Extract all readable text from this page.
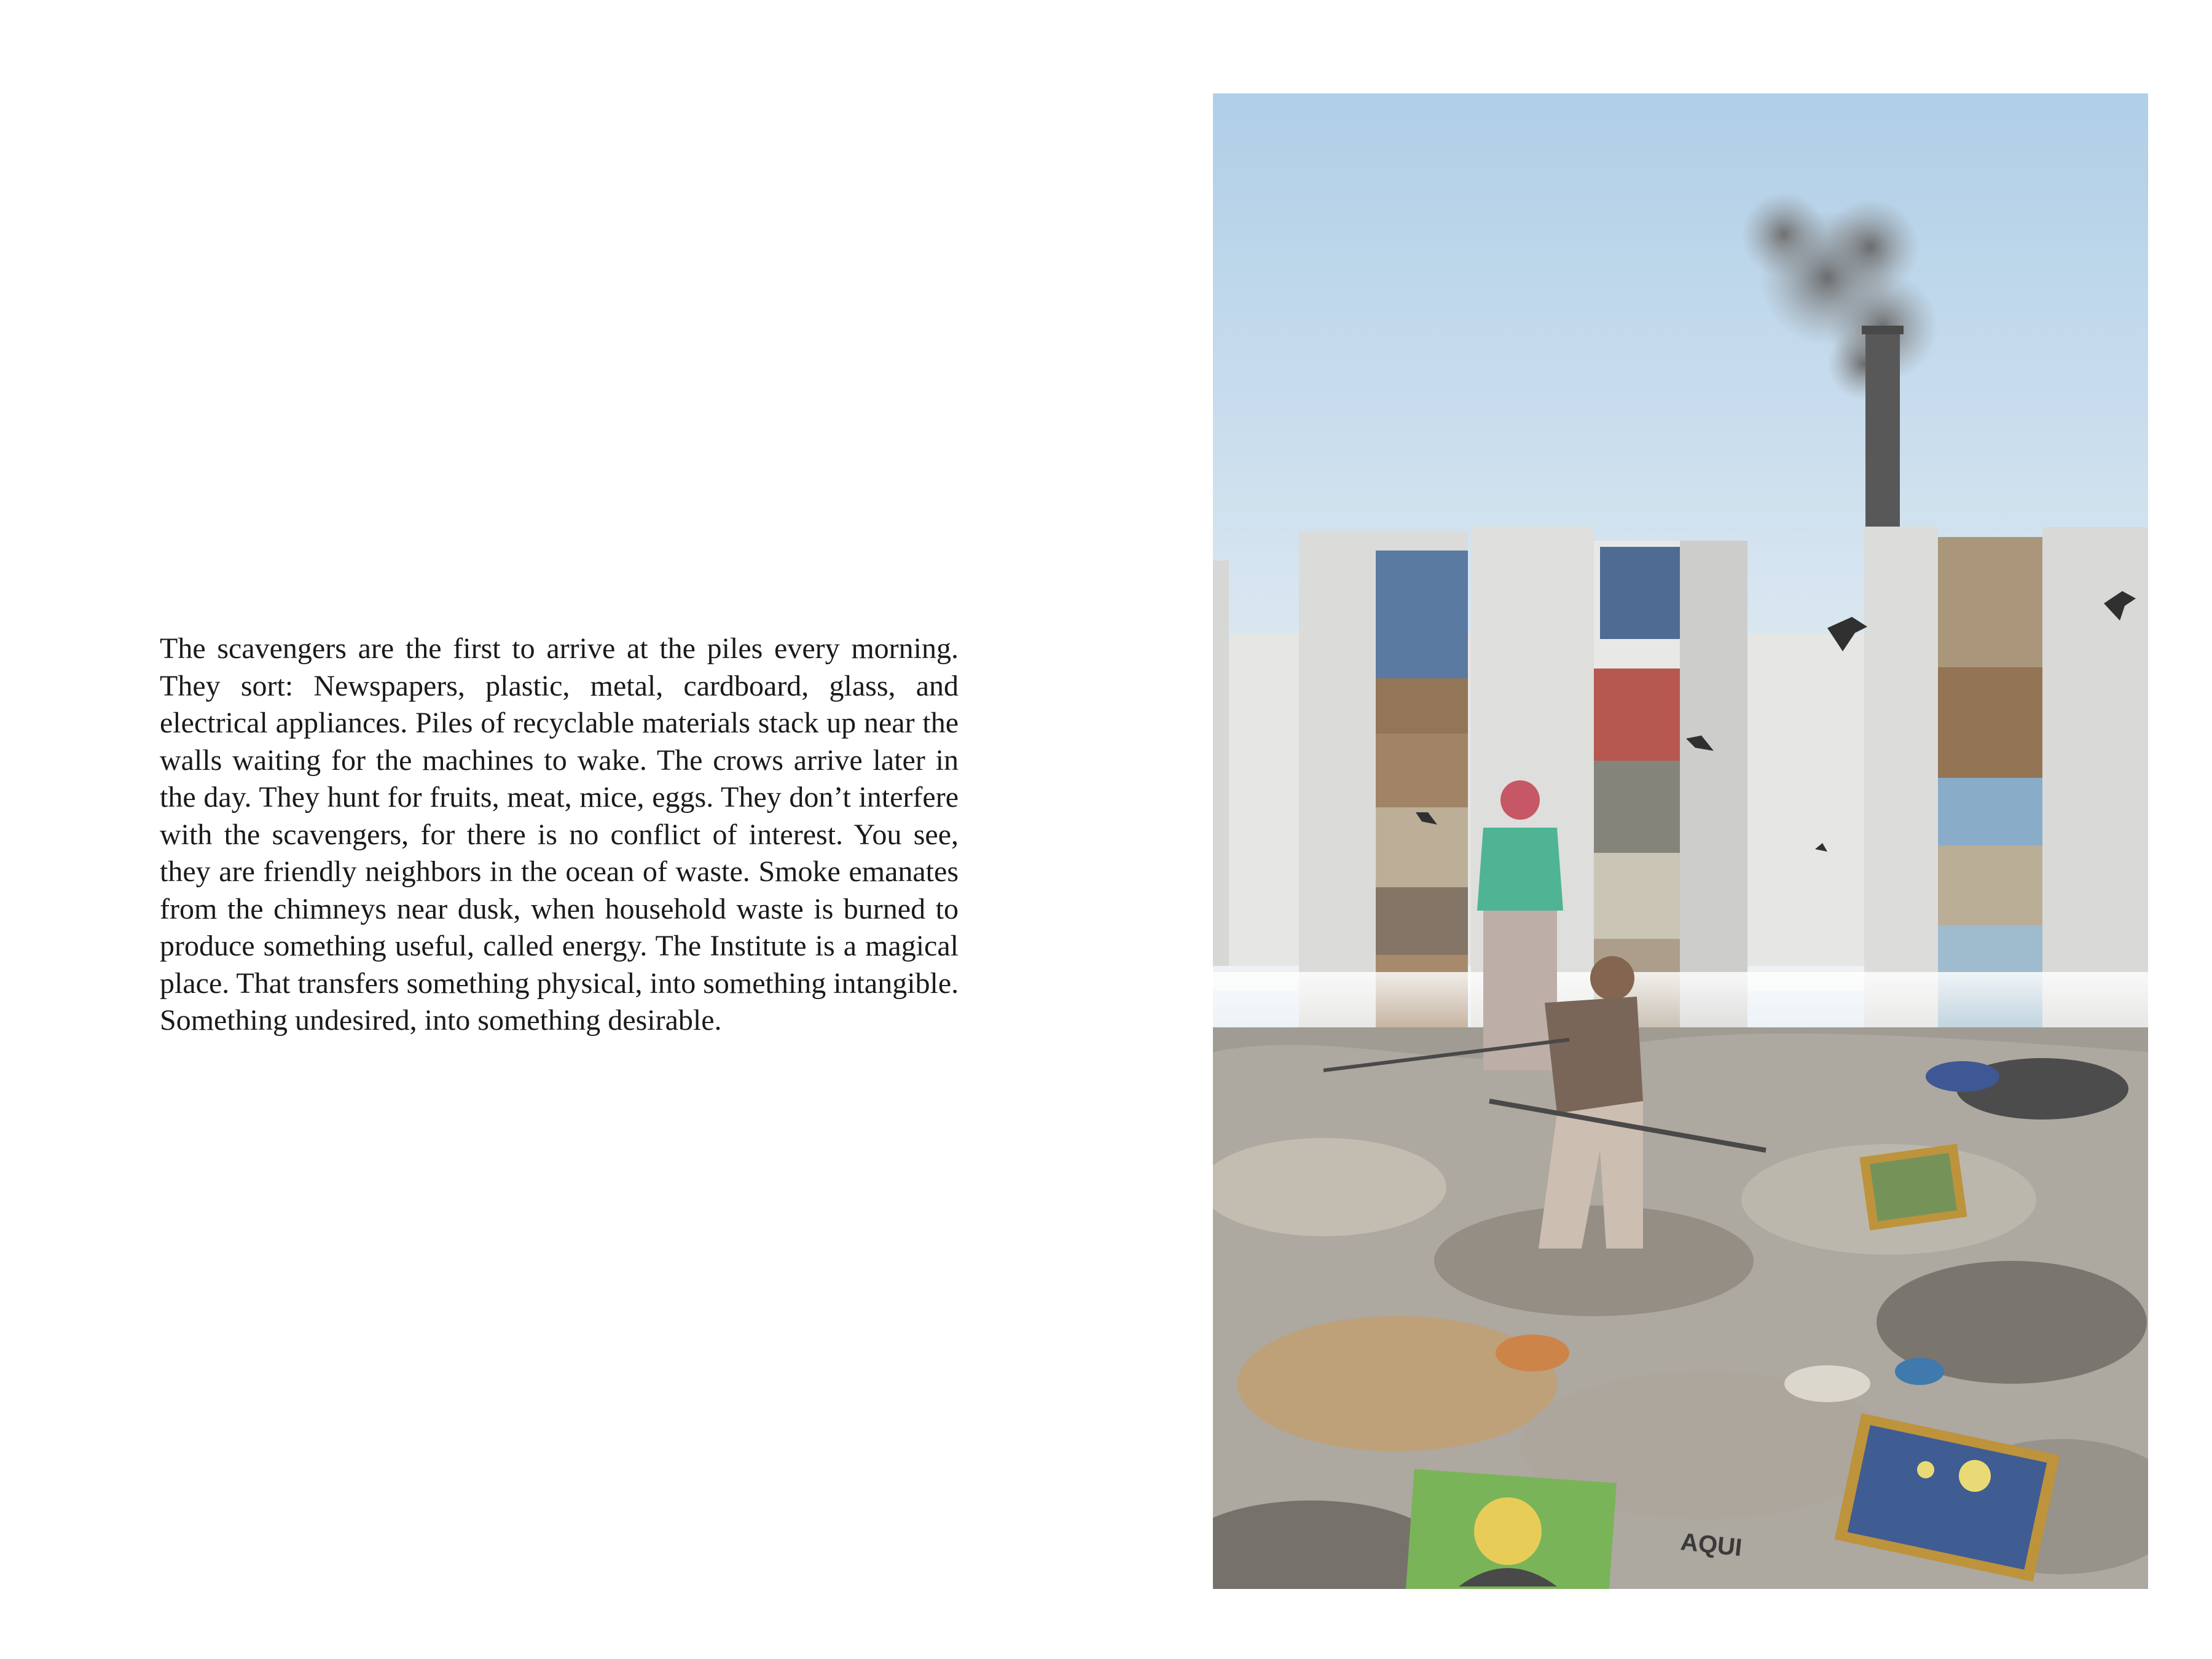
The scavengers are the first to arrive at the piles every morning.
They sort: Newspapers, plastic, metal, cardboard, glass, and
electrical appliances. Piles of recyclable materials stack up near the
walls waiting for the machines to wake. The crows arrive later in
the day. They hunt for fruits, meat, mice, eggs. They don’t interfere
with the scavengers, for there is no conflict of interest. You see,
they are friendly neighbors in the ocean of waste. Smoke emanates
from the chimneys near dusk, when household waste is burned to
produce something useful, called energy. The Institute is a magical
place. That transfers something physical, into something intangible.
Something undesired, into something desirable.
AQUI
